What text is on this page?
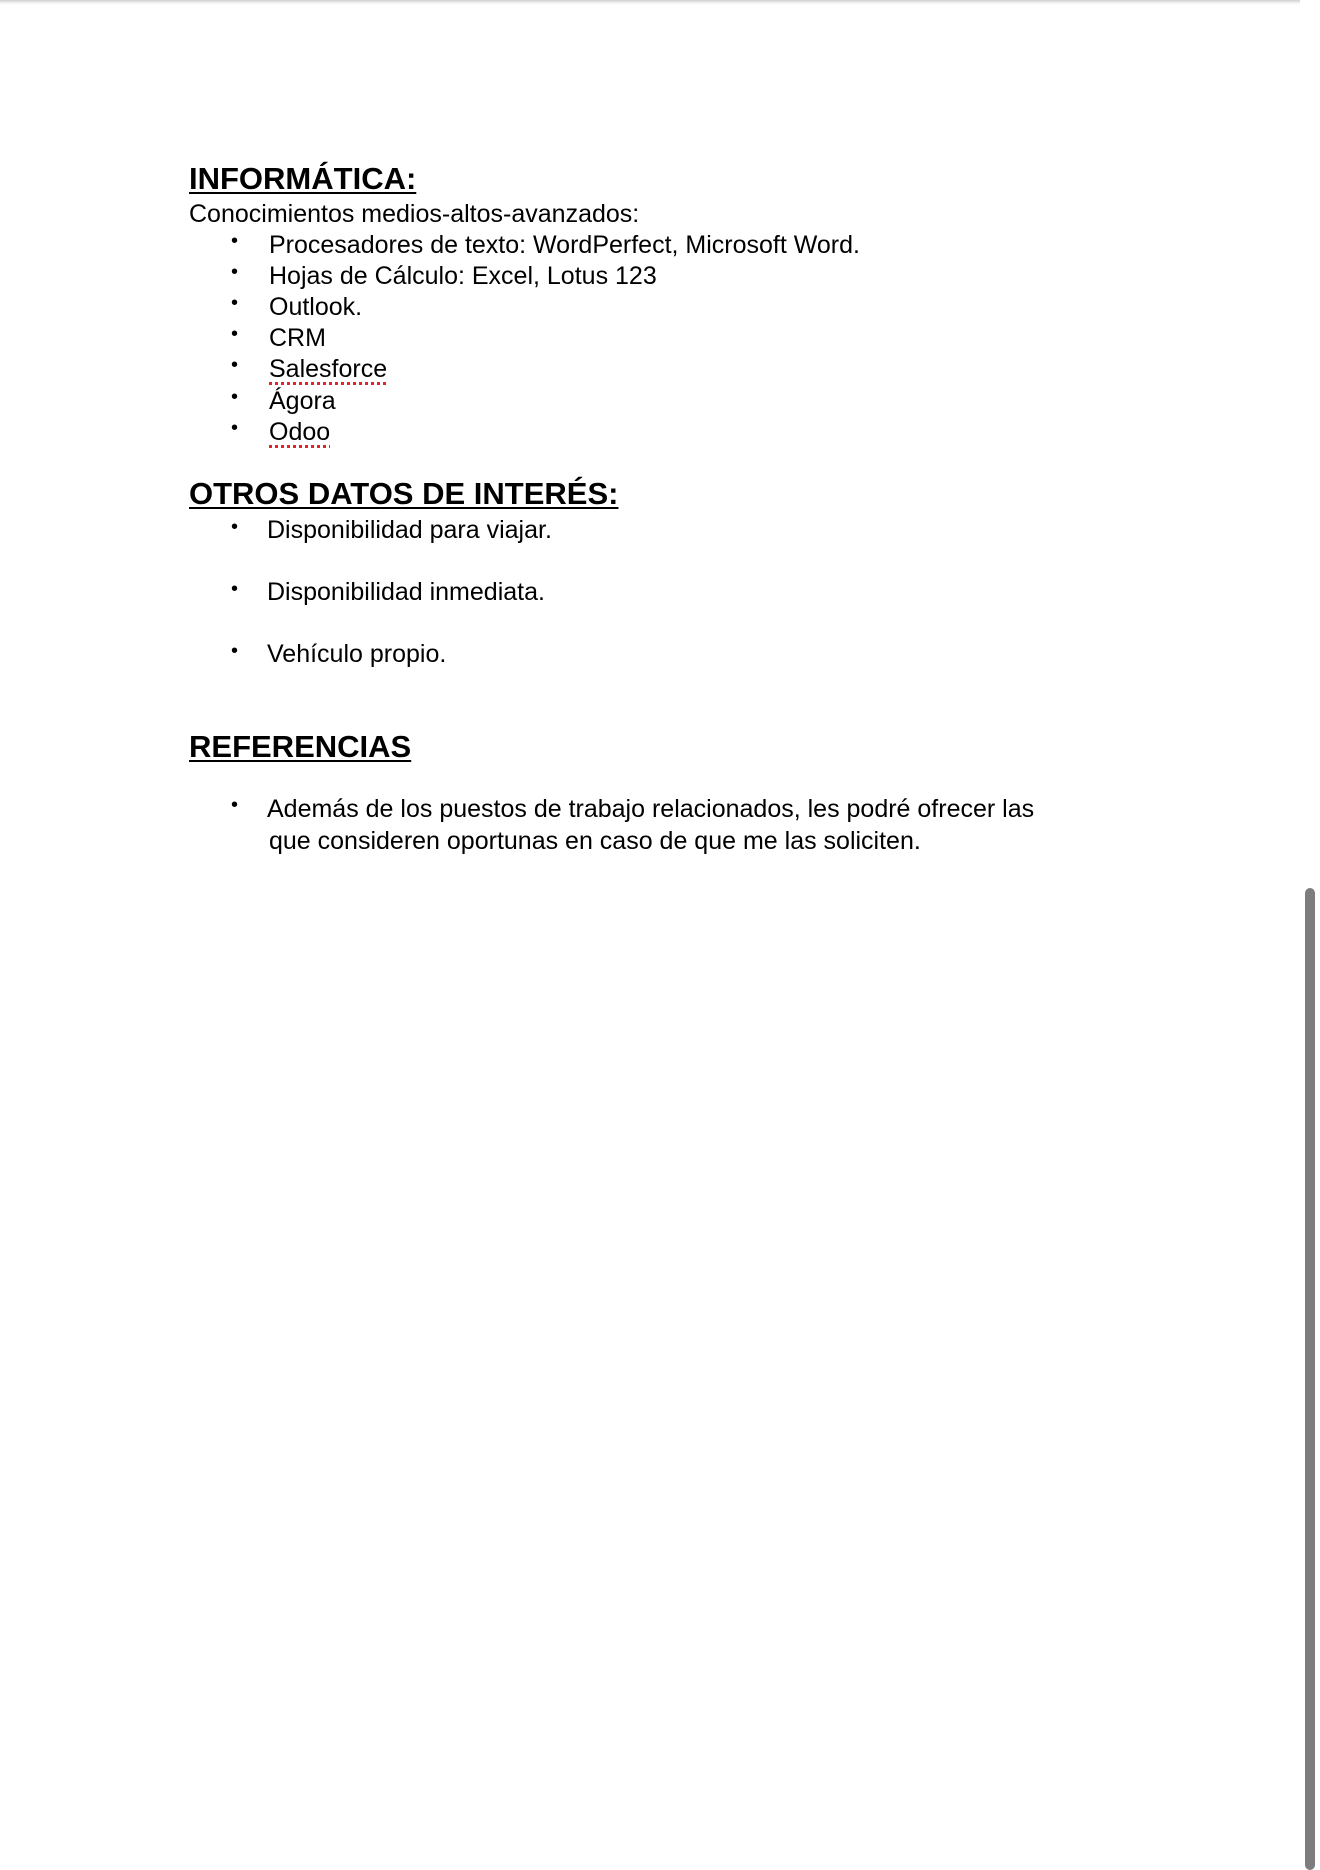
INFORMÁTICA:
Conocimientos medios-altos-avanzados:
• Procesadores de texto: WordPerfect, Microsoft Word.
• Hojas de Cálculo: Excel, Lotus 123
• Outlook.
• CRM
• Salesforce
• Ágora
• Odoo
OTROS DATOS DE INTERÉS:
• Disponibilidad para viajar.
• Disponibilidad inmediata.
• Vehículo propio.
REFERENCIAS
• Además de los puestos de trabajo relacionados, les podré ofrecer las
que consideren oportunas en caso de que me las soliciten.
